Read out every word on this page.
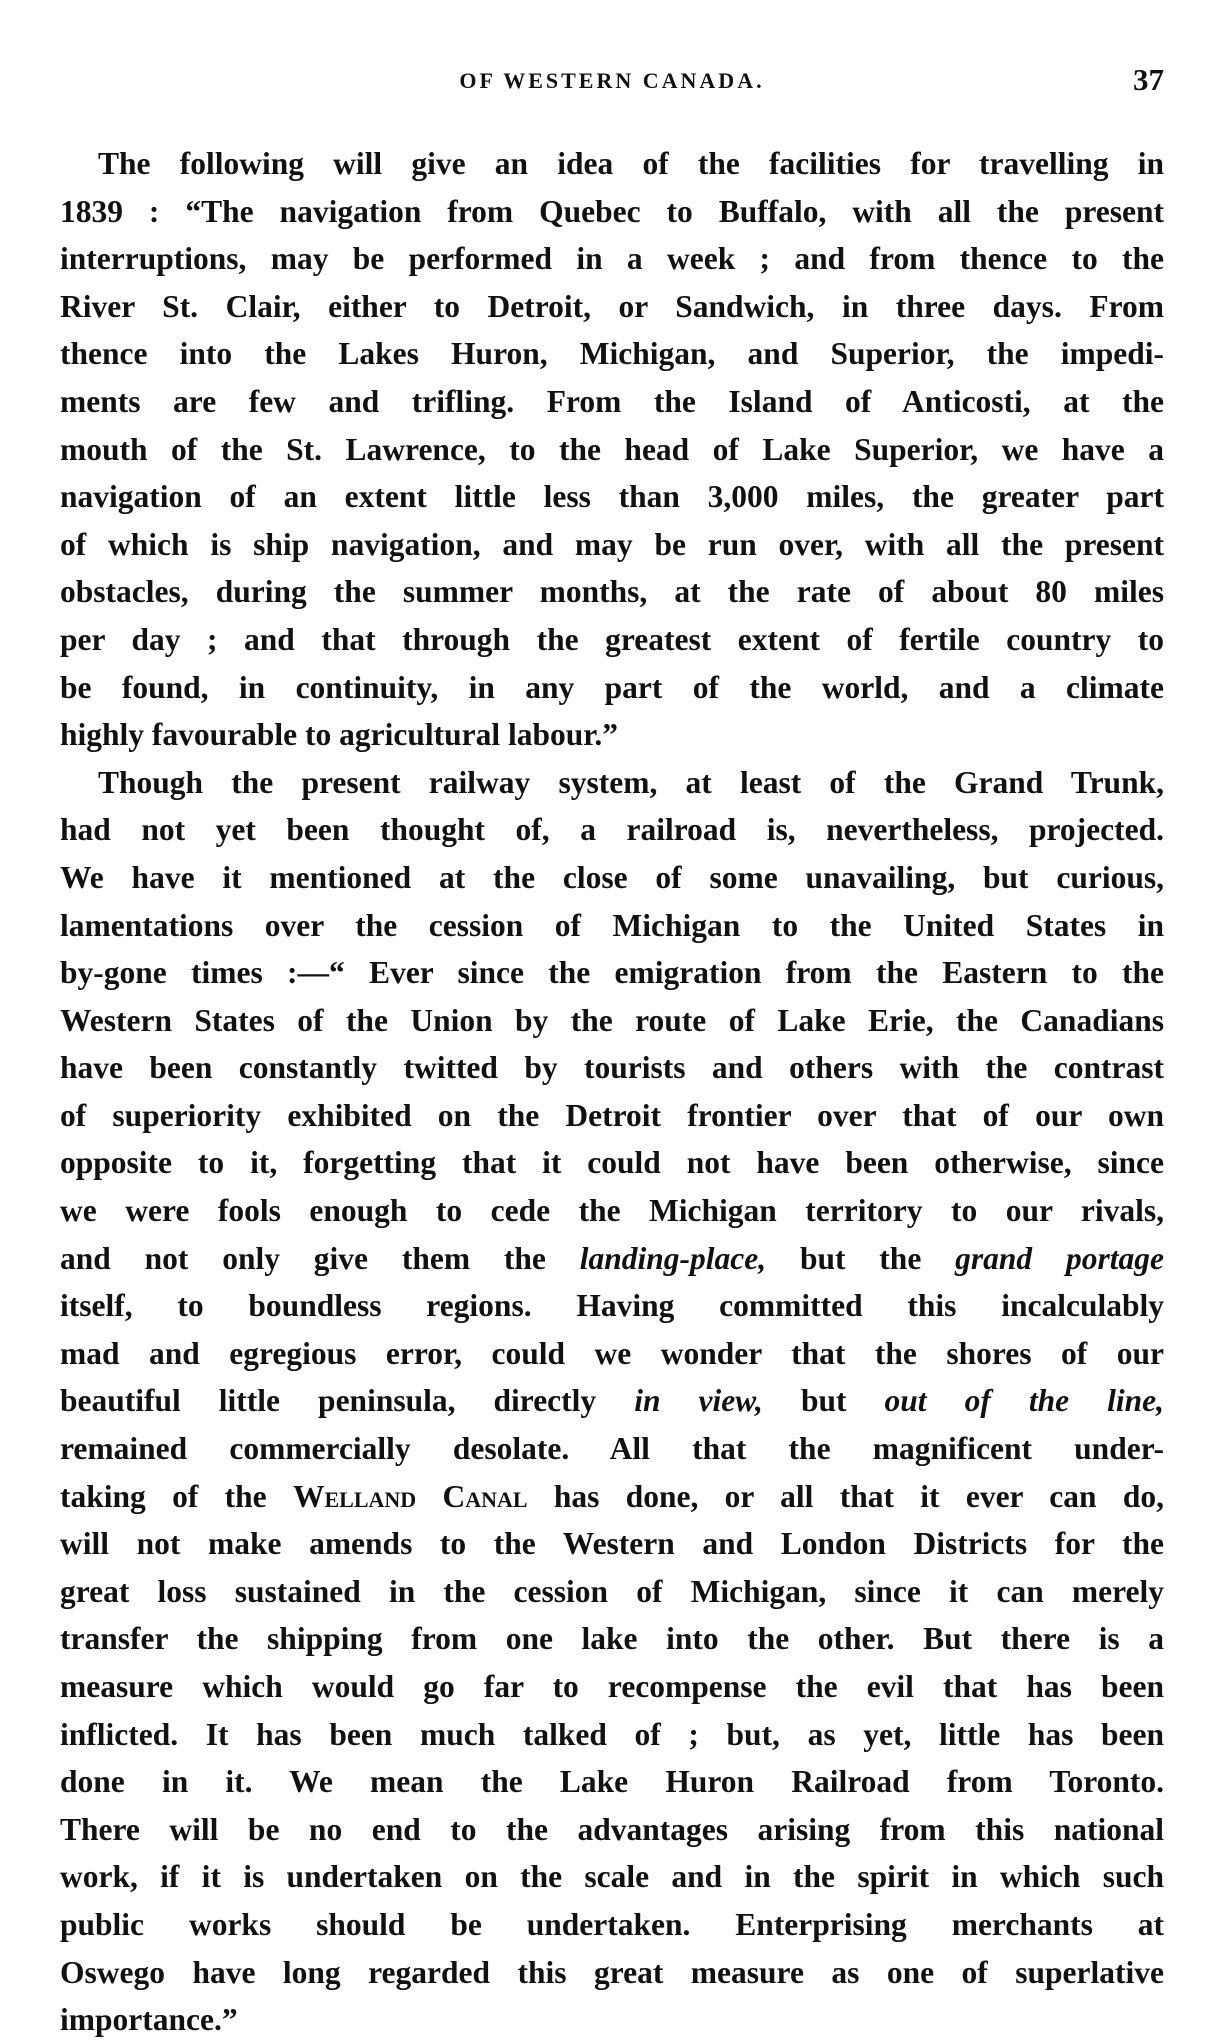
OF WESTERN CANADA.	37
The following will give an idea of the facilities for travelling in
1839 : “The navigation from Quebec to Buffalo, with all the present
interruptions, may be performed in a week ; and from thence to the
River St. Clair, either to Detroit, or Sandwich, in three days. From
thence into the Lakes Huron, Michigan, and Superior, the impedi-
ments are few and trifling. From the Island of Anticosti, at the
mouth of the St. Lawrence, to the head of Lake Superior, we have a
navigation of an extent little less than 3,000 miles, the greater part
of which is ship navigation, and may be run over, with all the present
obstacles, during the summer months, at the rate of about 80 miles
per day ; and that through the greatest extent of fertile country to
be found, in continuity, in any part of the world, and a climate
highly favourable to agricultural labour.”
Though the present railway system, at least of the Grand Trunk,
had not yet been thought of, a railroad is, nevertheless, projected.
We have it mentioned at the close of some unavailing, but curious,
lamentations over the cession of Michigan to the United States in
by-gone times :—“ Ever since the emigration from the Eastern to the
Western States of the Union by the route of Lake Erie, the Canadians
have been constantly twitted by tourists and others with the contrast
of superiority exhibited on the Detroit frontier over that of our own
opposite to it, forgetting that it could not have been otherwise, since
we were fools enough to cede the Michigan territory to our rivals,
and not only give them the landing-place, but the grand portage
itself, to boundless regions. Having committed this incalculably
mad and egregious error, could we wonder that the shores of our
beautiful little peninsula, directly in view, but out of the line,
remained commercially desolate. All that the magnificent under-
taking of the Welland Canal has done, or all that it ever can do,
will not make amends to the Western and London Districts for the
great loss sustained in the cession of Michigan, since it can merely
transfer the shipping from one lake into the other. But there is a
measure which would go far to recompense the evil that has been
inflicted. It has been much talked of ; but, as yet, little has been
done in it. We mean the Lake Huron Railroad from Toronto.
There will be no end to the advantages arising from this national
work, if it is undertaken on the scale and in the spirit in which such
public works should be undertaken. Enterprising merchants at
Oswego have long regarded this great measure as one of superlative
importance.”
